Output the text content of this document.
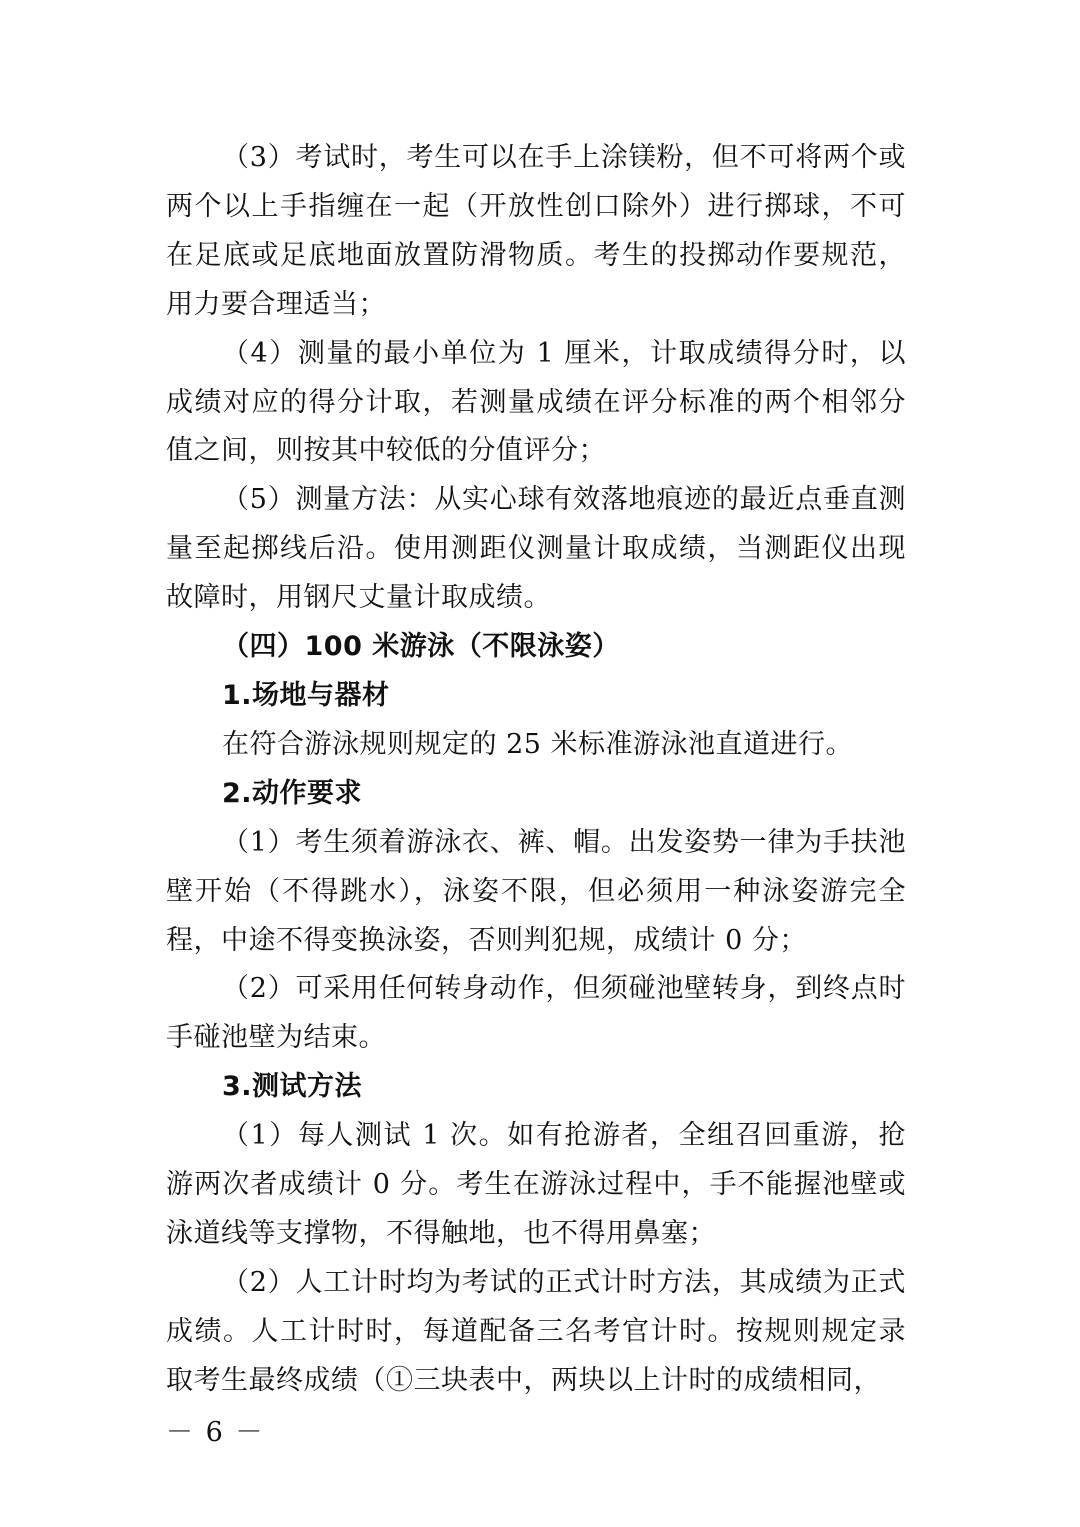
（3）考试时，考生可以在手上涂镁粉，但不可将两个或两个以上手指缠在一起（开放性创口除外）进行掷球，不可在足底或足底地面放置防滑物质。考生的投掷动作要规范，用力要合理适当；

（4）测量的最小单位为 1 厘米，计取成绩得分时，以成绩对应的得分计取，若测量成绩在评分标准的两个相邻分值之间，则按其中较低的分值评分；

（5）测量方法：从实心球有效落地痕迹的最近点垂直测量至起掷线后沿。使用测距仪测量计取成绩，当测距仪出现故障时，用钢尺丈量计取成绩。

（四）100 米游泳（不限泳姿）

1.场地与器材

在符合游泳规则规定的 25 米标准游泳池直道进行。

2.动作要求

（1）考生须着游泳衣、裤、帽。出发姿势一律为手扶池壁开始（不得跳水），泳姿不限，但必须用一种泳姿游完全程，中途不得变换泳姿，否则判犯规，成绩计 0 分；

（2）可采用任何转身动作，但须碰池壁转身，到终点时手碰池壁为结束。

3.测试方法

（1）每人测试 1 次。如有抢游者，全组召回重游，抢游两次者成绩计 0 分。考生在游泳过程中，手不能握池壁或泳道线等支撑物，不得触地，也不得用鼻塞；

（2）人工计时均为考试的正式计时方法，其成绩为正式成绩。人工计时时，每道配备三名考官计时。按规则规定录取考生最终成绩（①三块表中，两块以上计时的成绩相同，

－ 6 －
